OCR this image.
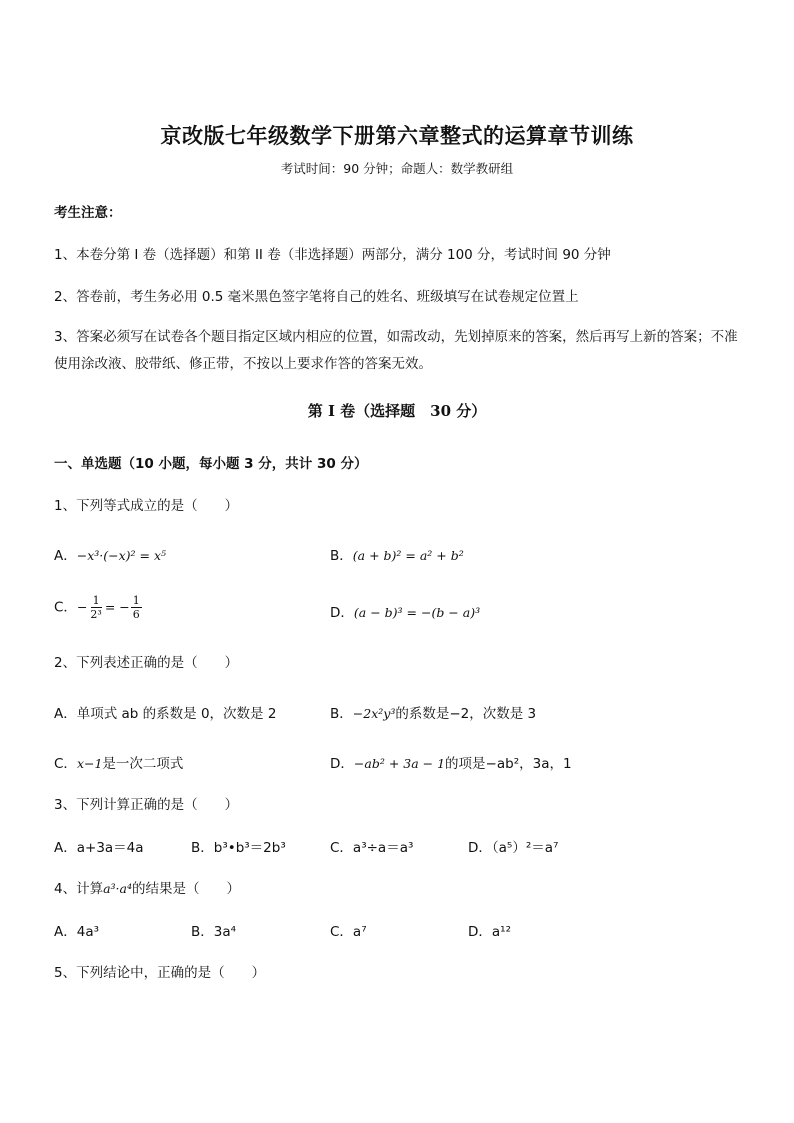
京改版七年级数学下册第六章整式的运算章节训练
考试时间：90 分钟；命题人：数学教研组
考生注意：
1、本卷分第 I 卷（选择题）和第 II 卷（非选择题）两部分，满分 100 分，考试时间 90 分钟
2、答卷前，考生务必用 0.5 毫米黑色签字笔将自己的姓名、班级填写在试卷规定位置上
3、答案必须写在试卷各个题目指定区域内相应的位置，如需改动，先划掉原来的答案，然后再写上新的答案；不准使用涂改液、胶带纸、修正带，不按以上要求作答的答案无效。
第 I 卷（选择题　30 分）
一、单选题（10 小题，每小题 3 分，共计 30 分）
1、下列等式成立的是（　　）
A．−x³·(−x)² = x⁵	B．(a + b)² = a² + b²
C．− $\frac{1}{\text{2³}}$ = − $\frac{1}{6}$	D．(a − b)³ = −(b − a)³
2、下列表述正确的是（　　）
A．单项式 ab 的系数是 0，次数是 2	B．−2x²y³的系数是−2，次数是 3
C．x−1是一次二项式	D．−ab² + 3a − 1的项是−ab²，3a，1
3、下列计算正确的是（　　）
A．a+3a＝4a	B．b³•b³＝2b³	C．a³÷a＝a³	D．（a⁵）²＝a⁷
4、计算a³·a⁴的结果是（　　）
A．4a³	B．3a⁴	C．a⁷	D．a¹²
5、下列结论中，正确的是（　　）
